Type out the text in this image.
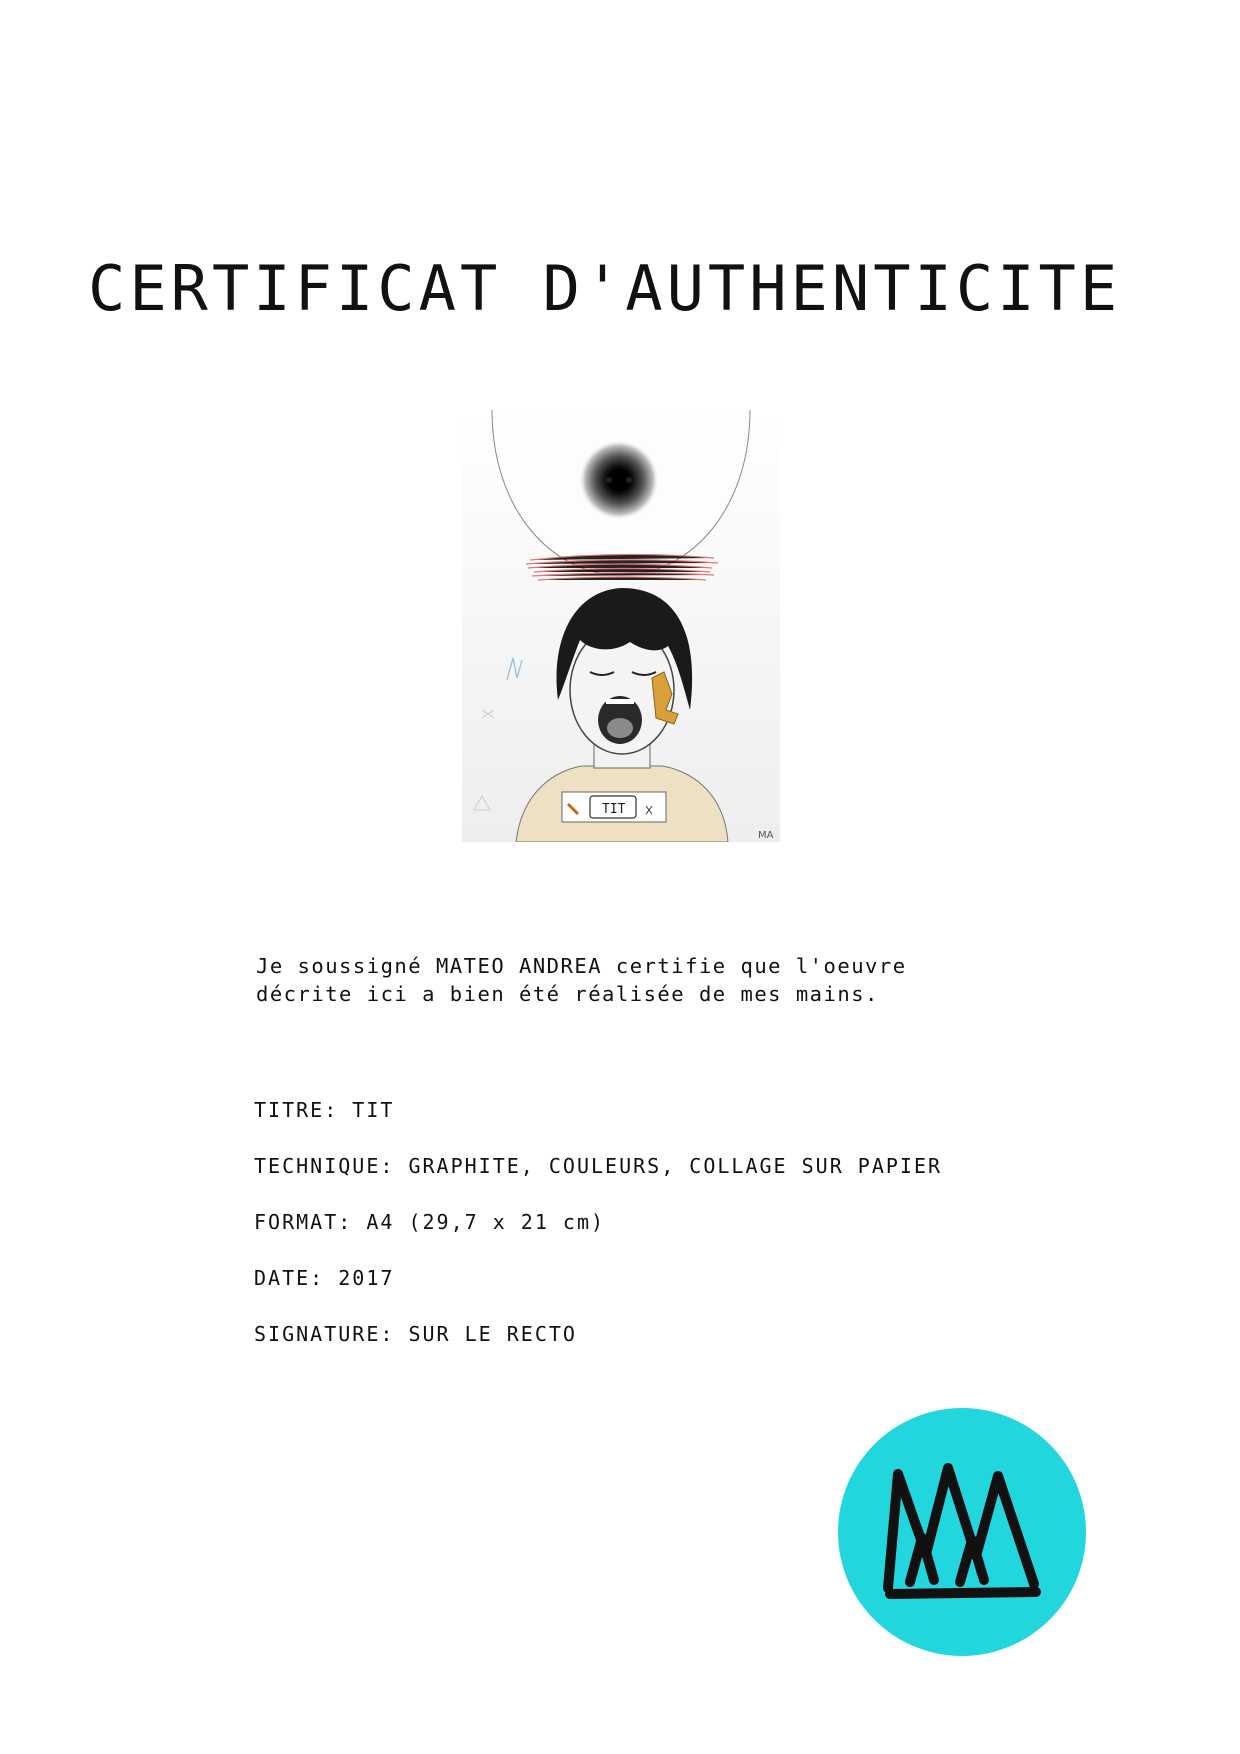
CERTIFICAT D'AUTHENTICITE
TIT
MA
Je soussigné MATEO ANDREA certifie que l'oeuvre
décrite ici a bien été réalisée de mes mains.
TITRE: TIT
TECHNIQUE: GRAPHITE, COULEURS, COLLAGE SUR PAPIER
FORMAT: A4 (29,7 x 21 cm)
DATE: 2017
SIGNATURE: SUR LE RECTO
